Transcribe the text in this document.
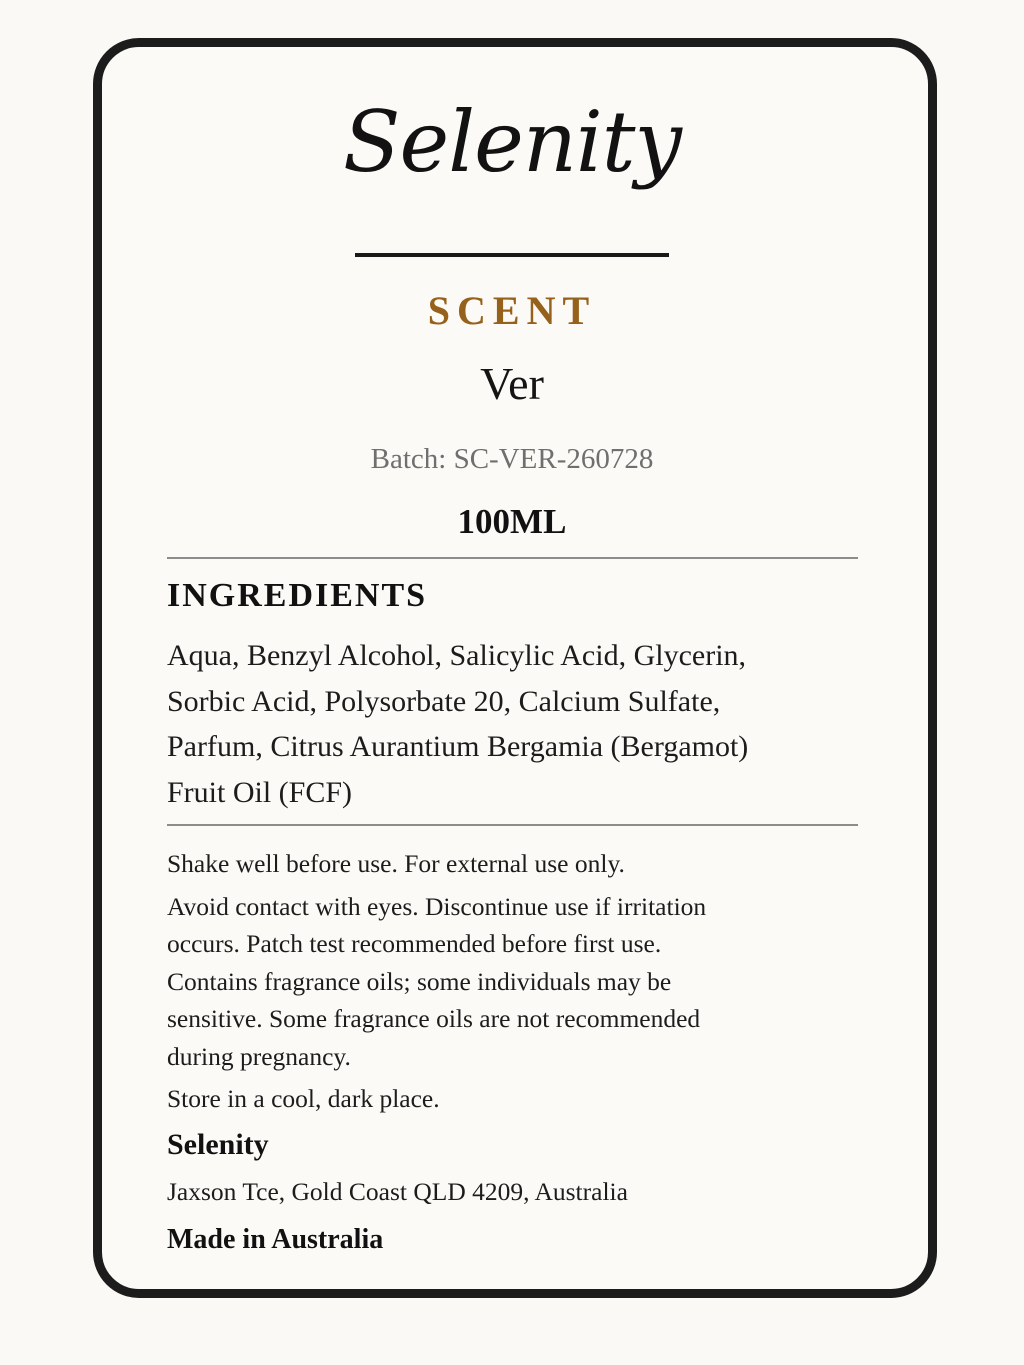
Selenity
SCENT
Ver
Batch: SC-VER-260728
100ML
INGREDIENTS
Aqua, Benzyl Alcohol, Salicylic Acid, Glycerin,
Sorbic Acid, Polysorbate 20, Calcium Sulfate,
Parfum, Citrus Aurantium Bergamia (Bergamot)
Fruit Oil (FCF)
Shake well before use. For external use only.
Avoid contact with eyes. Discontinue use if irritation
occurs. Patch test recommended before first use.
Contains fragrance oils; some individuals may be
sensitive. Some fragrance oils are not recommended
during pregnancy.
Store in a cool, dark place.
Selenity
Jaxson Tce, Gold Coast QLD 4209, Australia
Made in Australia
